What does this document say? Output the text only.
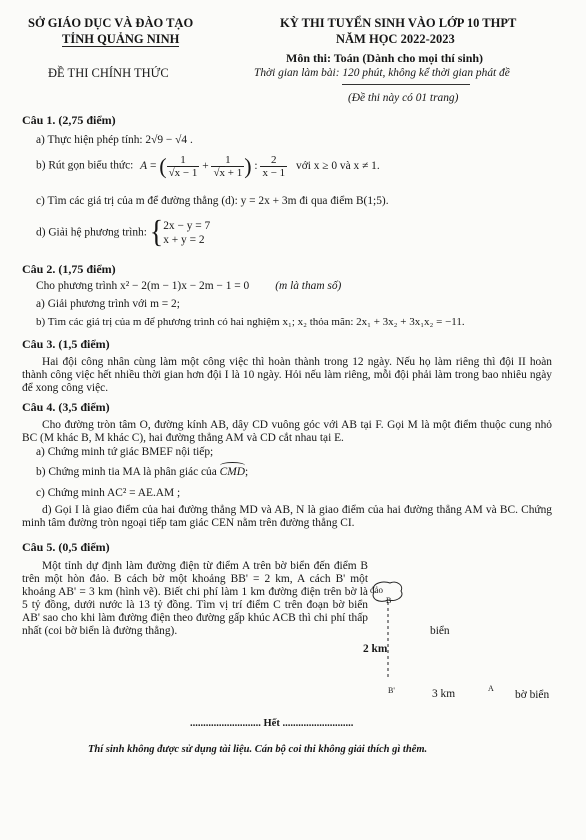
SỞ GIÁO DỤC VÀ ĐÀO TẠO
TỈNH QUẢNG NINH
ĐỀ THI CHÍNH THỨC
KỲ THI TUYỂN SINH VÀO LỚP 10 THPT
NĂM HỌC 2022-2023
Môn thi: Toán (Dành cho mọi thí sinh)
Thời gian làm bài: 120 phút, không kể thời gian phát đề
(Đề thi này có 01 trang)
Câu 1. (2,75 điểm)
a) Thực hiện phép tính: 2√9 − √4 .
b) Rút gọn biểu thức: A = ( $\frac{1}{√x - 1} + \frac{1}{√x + 1}$ ) : $\frac{2}{x - 1}$ với x ≥ 0 và x ≠ 1.
c) Tìm các giá trị của m để đường thẳng (d): y = 2x + 3m đi qua điểm B(1;5).
d) Giải hệ phương trình: {2x − y = 7
x + y = 2
Câu 2. (1,75 điểm)
Cho phương trình x² − 2(m − 1)x − 2m − 1 = 0 (m là tham số)
a) Giải phương trình với m = 2;
b) Tìm các giá trị của m để phương trình có hai nghiệm x₁; x₂ thỏa mãn: 2x₁ + 3x₂ + 3x₁x₂ = −11.
Câu 3. (1,5 điểm)
Hai đội công nhân cùng làm một công việc thì hoàn thành trong 12 ngày. Nếu họ làm riêng thì đội II hoàn thành công việc hết nhiều thời gian hơn đội I là 10 ngày. Hỏi nếu làm riêng, mỗi đội phải làm trong bao nhiêu ngày để xong công việc.
Câu 4. (3,5 điểm)
Cho đường tròn tâm O, đường kính AB, dây CD vuông góc với AB tại F. Gọi M là một điểm thuộc cung nhỏ BC (M khác B, M khác C), hai đường thẳng AM và CD cắt nhau tại E.
a) Chứng minh tứ giác BMEF nội tiếp;
b) Chứng minh tia MA là phân giác của CMD;
c) Chứng minh AC² = AE.AM ;
d) Gọi I là giao điểm của hai đường thẳng MD và AB, N là giao điểm của hai đường thẳng AM và BC. Chứng minh tâm đường tròn ngoại tiếp tam giác CEN nằm trên đường thẳng CI.
Câu 5. (0,5 điểm)
Một tỉnh dự định làm đường điện từ điểm A trên bờ biển đến điểm B trên một hòn đảo. B cách bờ một khoảng BB' = 2 km, A cách B' một khoảng AB' = 3 km (hình vẽ). Biết chi phí làm 1 km đường điện trên bờ là 5 tỷ đồng, dưới nước là 13 tỷ đồng. Tìm vị trí điểm C trên đoạn bờ biển AB' sao cho khi làm đường điện theo đường gấp khúc ACB thì chi phí thấp nhất (coi bờ biển là đường thẳng).
đảo
B
biển
2 km
B'	3 km	A
bờ biển
........................... Hết ...........................
Thí sinh không được sử dụng tài liệu. Cán bộ coi thi không giải thích gì thêm.
